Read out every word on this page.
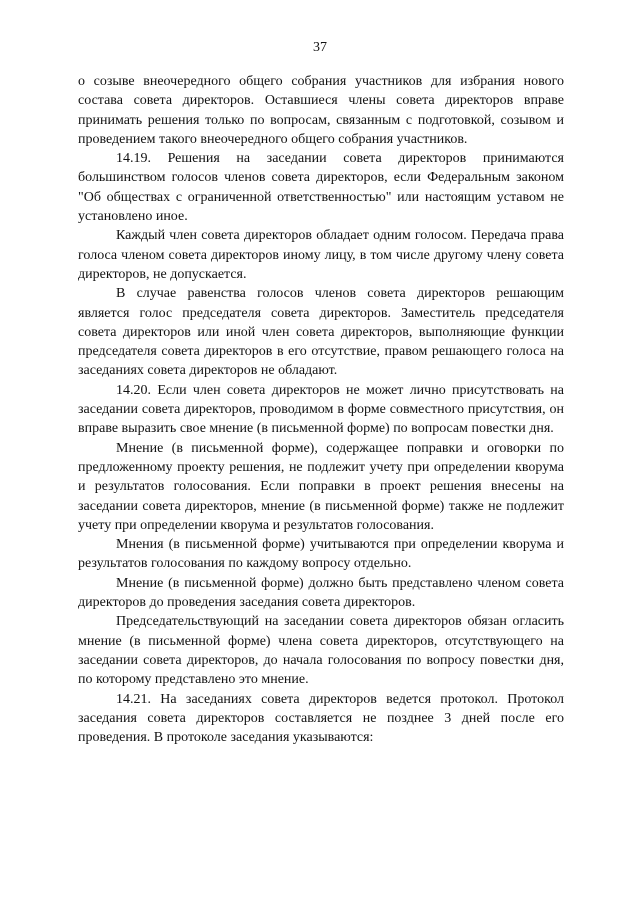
37

о созыве внеочередного общего собрания участников для избрания нового состава совета директоров. Оставшиеся члены совета директоров вправе принимать решения только по вопросам, связанным с подготовкой, созывом и проведением такого внеочередного общего собрания участников.

14.19. Решения на заседании совета директоров принимаются большинством голосов членов совета директоров, если Федеральным законом "Об обществах с ограниченной ответственностью" или настоящим уставом не установлено иное.

Каждый член совета директоров обладает одним голосом. Передача права голоса членом совета директоров иному лицу, в том числе другому члену совета директоров, не допускается.

В случае равенства голосов членов совета директоров решающим является голос председателя совета директоров. Заместитель председателя совета директоров или иной член совета директоров, выполняющие функции председателя совета директоров в его отсутствие, правом решающего голоса на заседаниях совета директоров не обладают.

14.20. Если член совета директоров не может лично присутствовать на заседании совета директоров, проводимом в форме совместного присутствия, он вправе выразить свое мнение (в письменной форме) по вопросам повестки дня.

Мнение (в письменной форме), содержащее поправки и оговорки по предложенному проекту решения, не подлежит учету при определении кворума и результатов голосования. Если поправки в проект решения внесены на заседании совета директоров, мнение (в письменной форме) также не подлежит учету при определении кворума и результатов голосования.

Мнения (в письменной форме) учитываются при определении кворума и результатов голосования по каждому вопросу отдельно.

Мнение (в письменной форме) должно быть представлено членом совета директоров до проведения заседания совета директоров.

Председательствующий на заседании совета директоров обязан огласить мнение (в письменной форме) члена совета директоров, отсутствующего на заседании совета директоров, до начала голосования по вопросу повестки дня, по которому представлено это мнение.

14.21. На заседаниях совета директоров ведется протокол. Протокол заседания совета директоров составляется не позднее 3 дней после его проведения. В протоколе заседания указываются:
